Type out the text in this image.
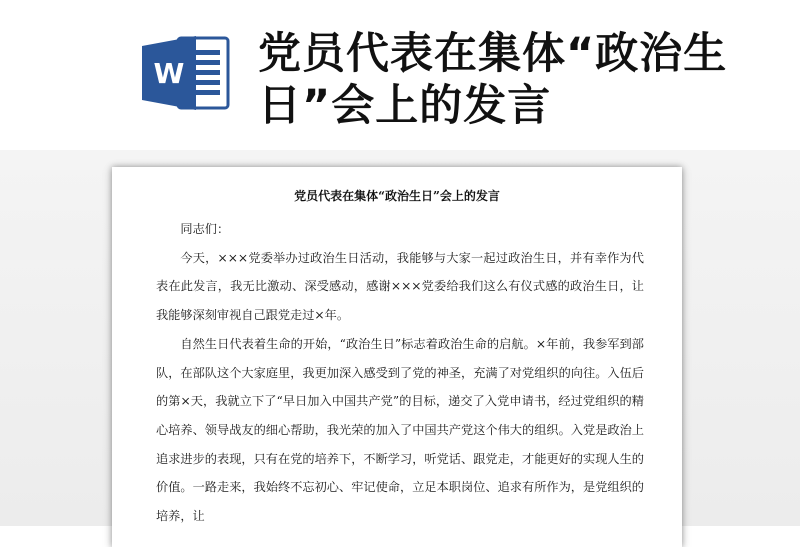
W 党员代表在集体“政治生日”会上的发言
党员代表在集体“政治生日”会上的发言

同志们：

今天，×××党委举办过政治生日活动，我能够与大家一起过政治生日，并有幸作为代表在此发言，我无比激动、深受感动，感谢×××党委给我们这么有仪式感的政治生日，让我能够深刻审视自己跟党走过×年。

自然生日代表着生命的开始，“政治生日”标志着政治生命的启航。×年前，我参军到部队，在部队这个大家庭里，我更加深入感受到了党的神圣，充满了对党组织的向往。入伍后的第×天，我就立下了“早日加入中国共产党”的目标，递交了入党申请书，经过党组织的精心培养、领导战友的细心帮助，我光荣的加入了中国共产党这个伟大的组织。入党是政治上追求进步的表现，只有在党的培养下，不断学习，听党话、跟党走，才能更好的实现人生的价值。一路走来，我始终不忘初心、牢记使命，立足本职岗位、追求有所作为，是党组织的培养，让
